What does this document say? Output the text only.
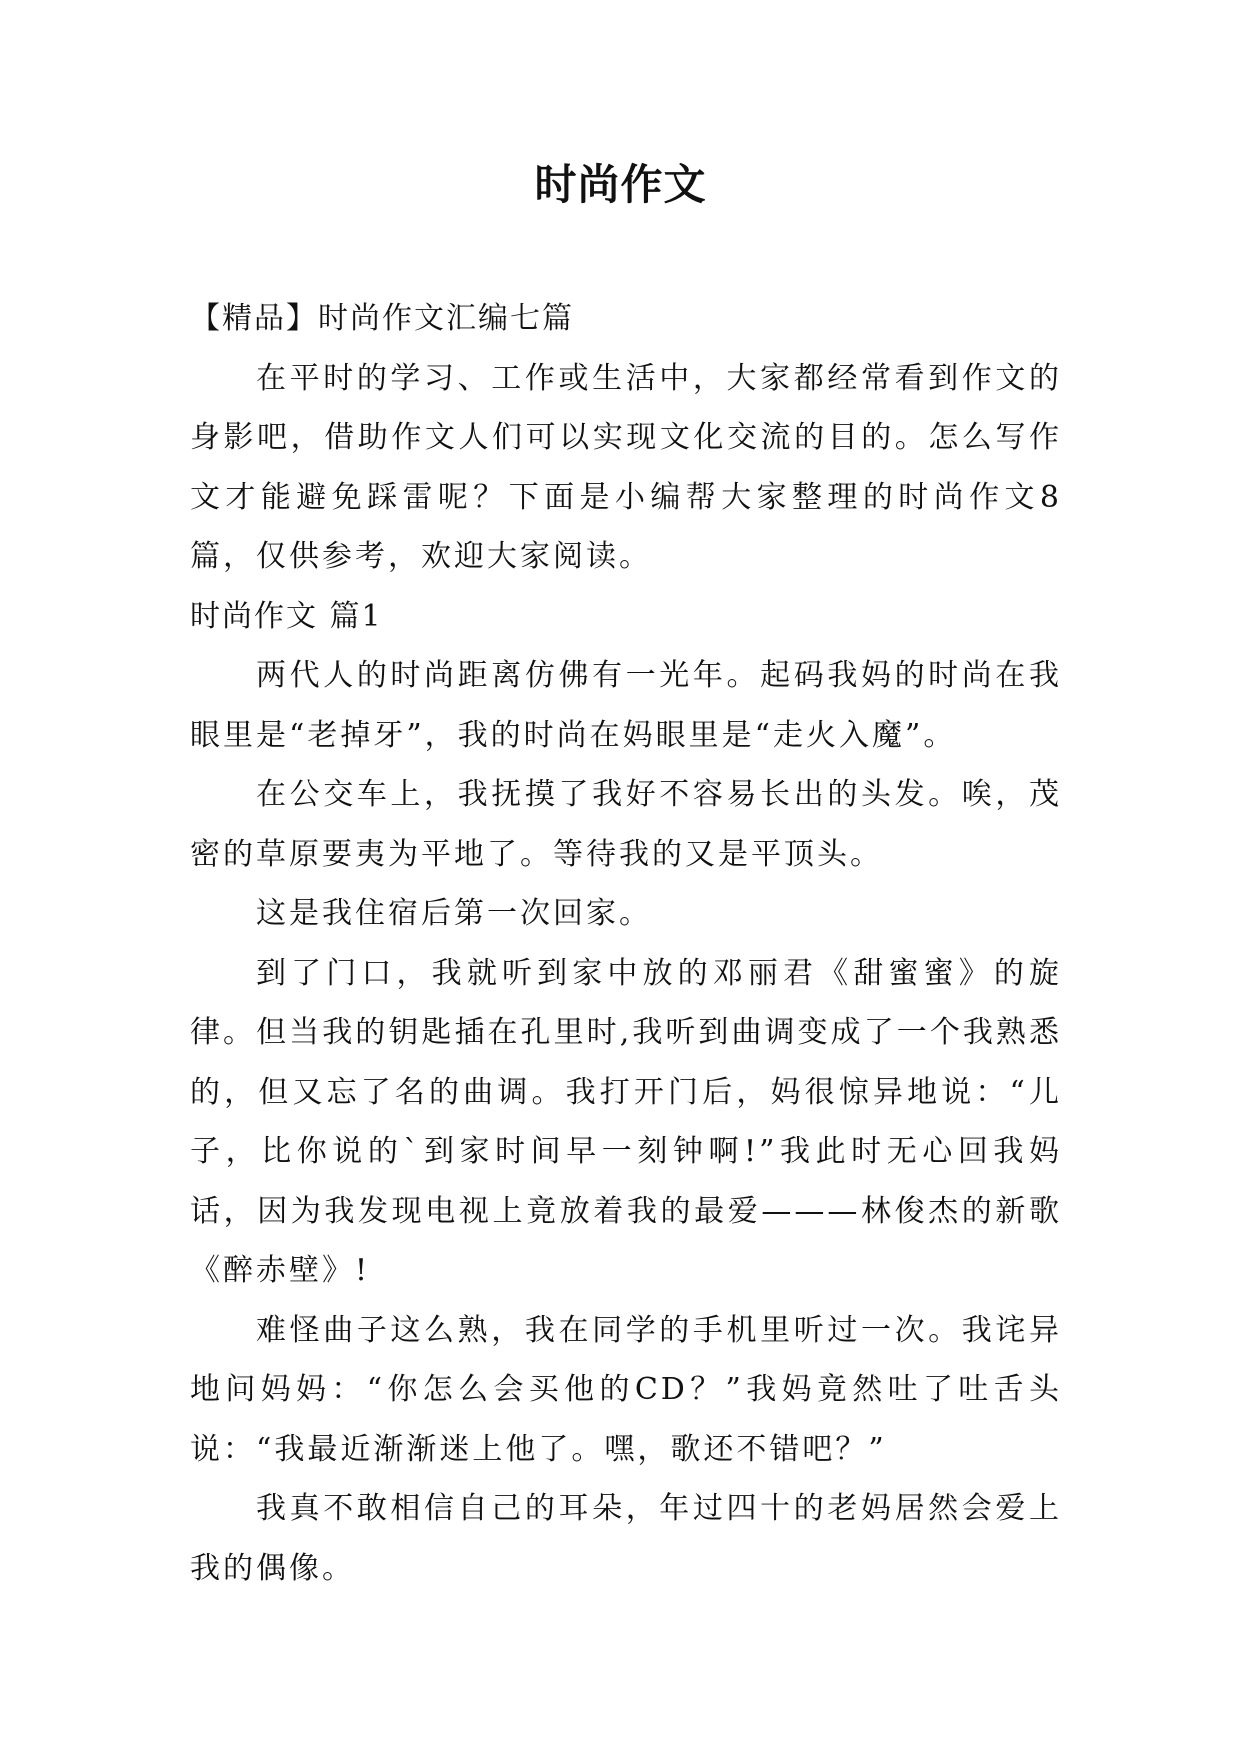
时尚作文

【精品】时尚作文汇编七篇

在平时的学习、工作或生活中，大家都经常看到作文的身影吧，借助作文人们可以实现文化交流的目的。怎么写作文才能避免踩雷呢？下面是小编帮大家整理的时尚作文8篇，仅供参考，欢迎大家阅读。

时尚作文 篇1

两代人的时尚距离仿佛有一光年。起码我妈的时尚在我眼里是“老掉牙”，我的时尚在妈眼里是“走火入魔”。

在公交车上，我抚摸了我好不容易长出的头发。唉，茂密的草原要夷为平地了。等待我的又是平顶头。

这是我住宿后第一次回家。

到了门口，我就听到家中放的邓丽君《甜蜜蜜》的旋律。但当我的钥匙插在孔里时,我听到曲调变成了一个我熟悉的，但又忘了名的曲调。我打开门后，妈很惊异地说：“儿子，比你说的`到家时间早一刻钟啊!”我此时无心回我妈话，因为我发现电视上竟放着我的最爱———林俊杰的新歌《醉赤壁》!

难怪曲子这么熟，我在同学的手机里听过一次。我诧异地问妈妈：“你怎么会买他的CD？”我妈竟然吐了吐舌头说：“我最近渐渐迷上他了。嘿，歌还不错吧？”

我真不敢相信自己的耳朵，年过四十的老妈居然会爱上我的偶像。
